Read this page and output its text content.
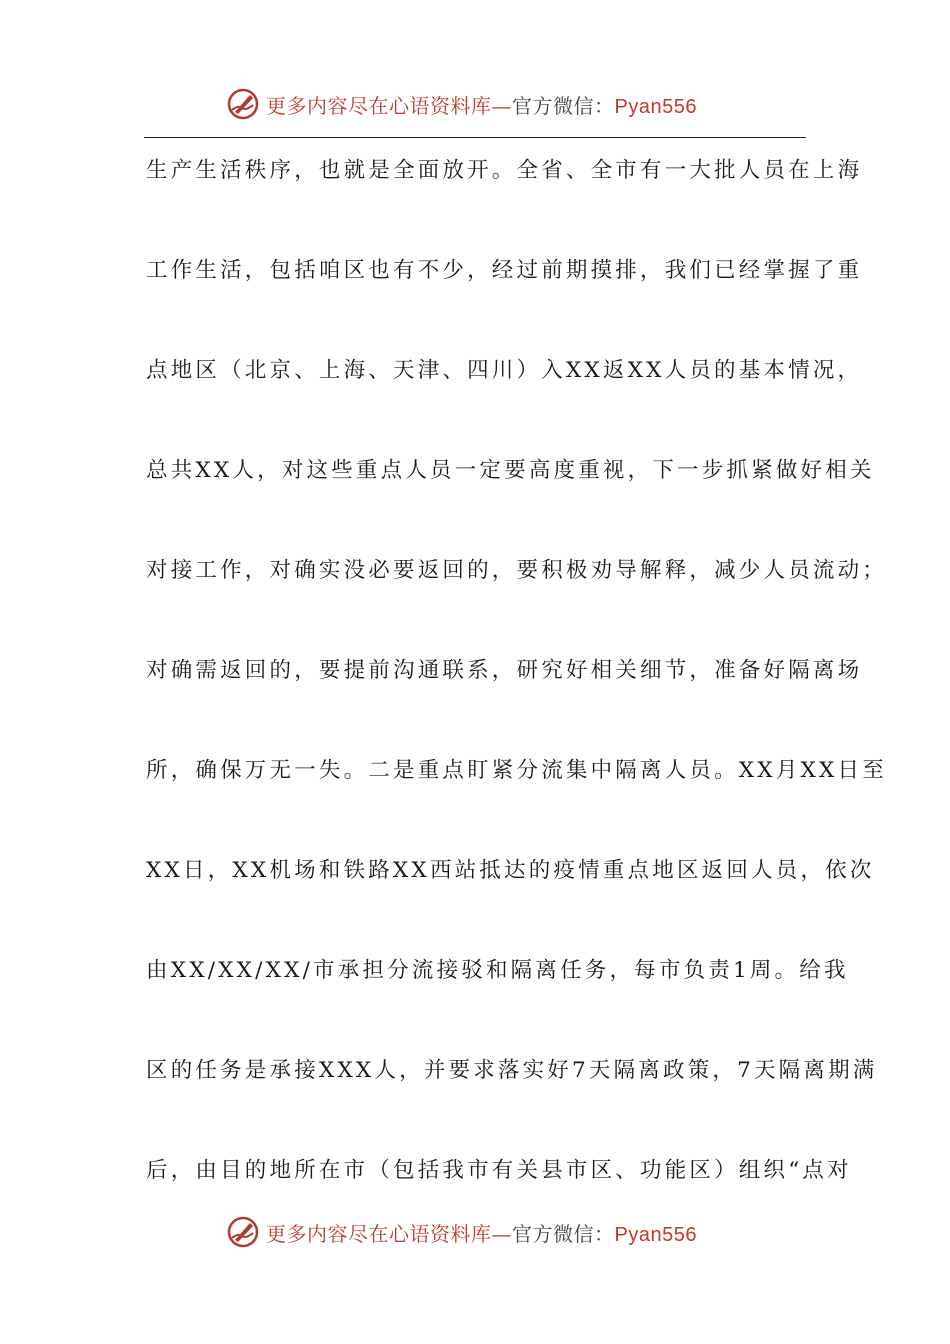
更多内容尽在心语资料库—官方微信：Pyan556
生产生活秩序，也就是全面放开。全省、全市有一大批人员在上海
工作生活，包括咱区也有不少，经过前期摸排，我们已经掌握了重
点地区（北京、上海、天津、四川）入XX返XX人员的基本情况，
总共XX人，对这些重点人员一定要高度重视，下一步抓紧做好相关
对接工作，对确实没必要返回的，要积极劝导解释，减少人员流动；
对确需返回的，要提前沟通联系，研究好相关细节，准备好隔离场
所，确保万无一失。二是重点盯紧分流集中隔离人员。XX月XX日至
XX日，XX机场和铁路XX西站抵达的疫情重点地区返回人员，依次
由XX/XX/XX/市承担分流接驳和隔离任务，每市负责1周。给我
区的任务是承接XXX人，并要求落实好7天隔离政策，7天隔离期满
后，由目的地所在市（包括我市有关县市区、功能区）组织“点对
更多内容尽在心语资料库—官方微信：Pyan556
